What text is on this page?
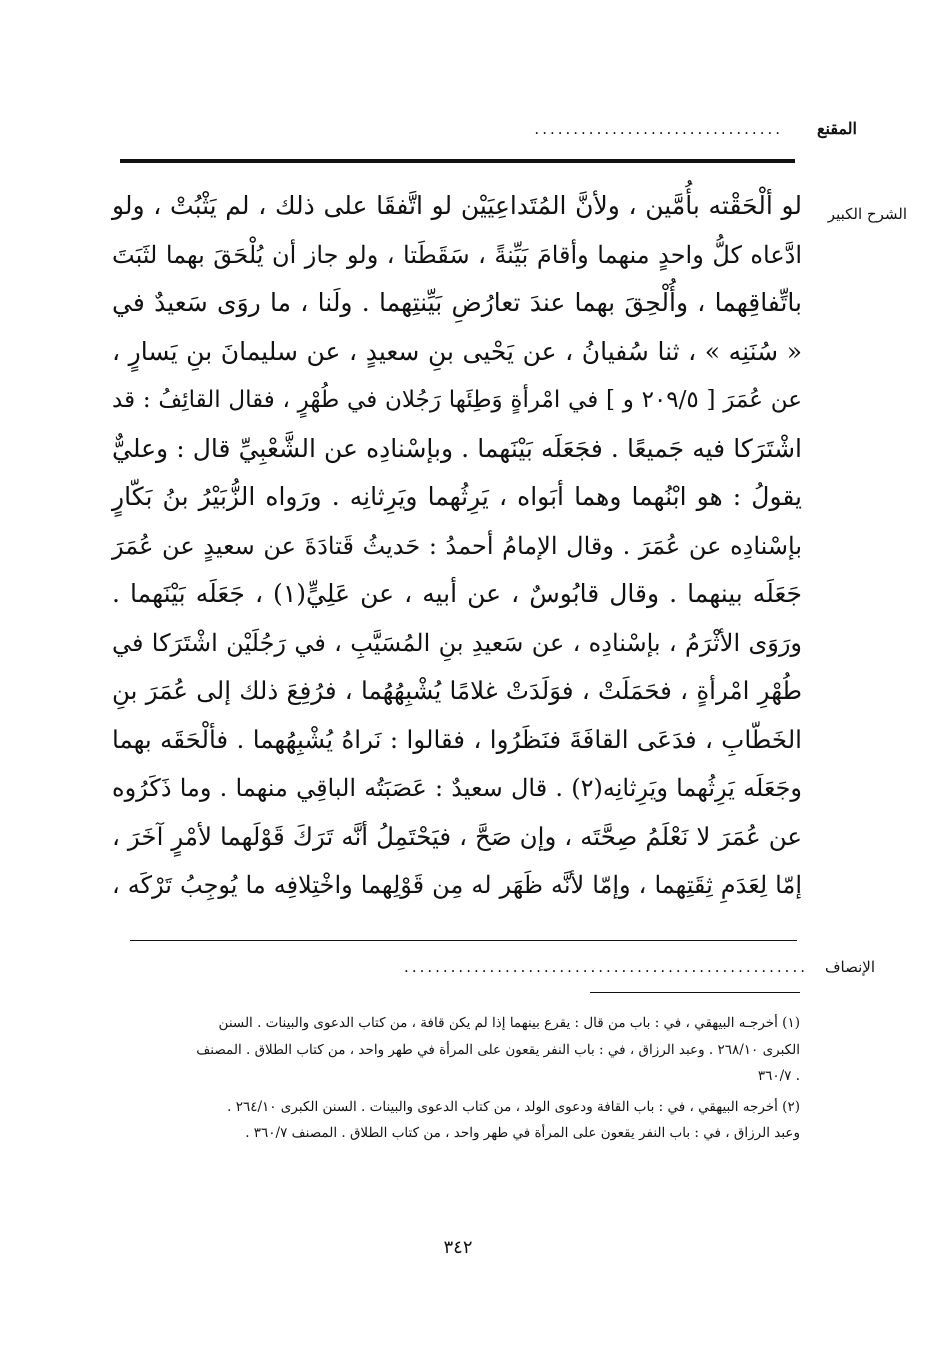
المقنع
................................
الشرح الكبير

لو ألْحَقْته بأُمَّين ، ولأنَّ المُتَداعِيَيْن لو اتَّفقَا على ذلك ، لم يَثْبُتْ ، ولو

ادَّعاه كلُّ واحدٍ منهما وأقامَ بَيِّنةً ، سَقَطَتا ، ولو جاز أن يُلْحَقَ بهما لثَبَتَ

باتِّفاقِهما ، وأُلْحِقَ بهما عندَ تعارُضِ بَيِّنتِهما . ولَنا ، ما روَى سَعيدٌ في

« سُنَنِه » ، ثنا سُفيانُ ، عن يَحْيى بنِ سعيدٍ ، عن سليمانَ بنِ يَسارٍ ،

عن عُمَرَ [ ٢٠٩/٥ و ] في امْرأةٍ وَطِئَها رَجُلان في طُهْرٍ ، فقال القائِفُ : قد

اشْتَرَكا فيه جَميعًا . فجَعَلَه بَيْنَهما . وبإسْنادِه عن الشَّعْبِيِّ قال : وعليٌّ

يقولُ : هو ابْنُهما وهما أبَواه ، يَرِثُهما ويَرِثانِه . ورَواه الزُّبَيْرُ بنُ بَكّارٍ

بإسْنادِه عن عُمَرَ . وقال الإمامُ أحمدُ : حَديثُ قَتادَةَ عن سعيدٍ عن عُمَرَ

جَعَلَه بينهما . وقال قابُوسٌ ، عن أبيه ، عن عَلِيٍّ(١) ، جَعَلَه بَيْنَهما .

ورَوَى الأثْرَمُ ، بإسْنادِه ، عن سَعيدِ بنِ المُسَيَّبِ ، في رَجُلَيْن اشْتَرَكا في

طُهْرِ امْرأةٍ ، فحَمَلَتْ ، فوَلَدَتْ غلامًا يُشْبِهُهُما ، فرُفِعَ ذلك إلى عُمَرَ بنِ

الخَطّابِ ، فدَعَى القافَةَ فنَظَرُوا ، فقالوا : نَراهُ يُشْبِهُهما . فألْحَقَه بهما

وجَعَلَه يَرِثُهما ويَرِثانِه(٢) . قال سعيدٌ : عَصَبَتُه الباقِي منهما . وما ذَكَرُوه

عن عُمَرَ لا نَعْلَمُ صِحَّتَه ، وإن صَحَّ ، فيَحْتَمِلُ أنَّه تَرَكَ قَوْلَهما لأمْرٍ آخَرَ ،

إمّا لِعَدَمِ ثِقَتِهما ، وإمّا لأنَّه ظَهَر له مِن قَوْلِهما واخْتِلافِه ما يُوجِبُ تَرْكَه ،

الإنصاف
....................................................

(١) أخرجـه البيهقي ، في : باب من قال : يقرع بينهما إذا لم يكن قافة ، من كتاب الدعوى والبينات . السنن

الكبرى ٢٦٨/١٠ . وعبد الرزاق ، في : باب النفر يقعون على المرأة في طهر واحد ، من كتاب الطلاق . المصنف

. ٣٦٠/٧

(٢) أخرجه البيهقي ، في : باب القافة ودعوى الولد ، من كتاب الدعوى والبينات . السنن الكبرى ٢٦٤/١٠ .

وعبد الرزاق ، في : باب النفر يقعون على المرأة في طهر واحد ، من كتاب الطلاق . المصنف ٣٦٠/٧ .

٣٤٢
